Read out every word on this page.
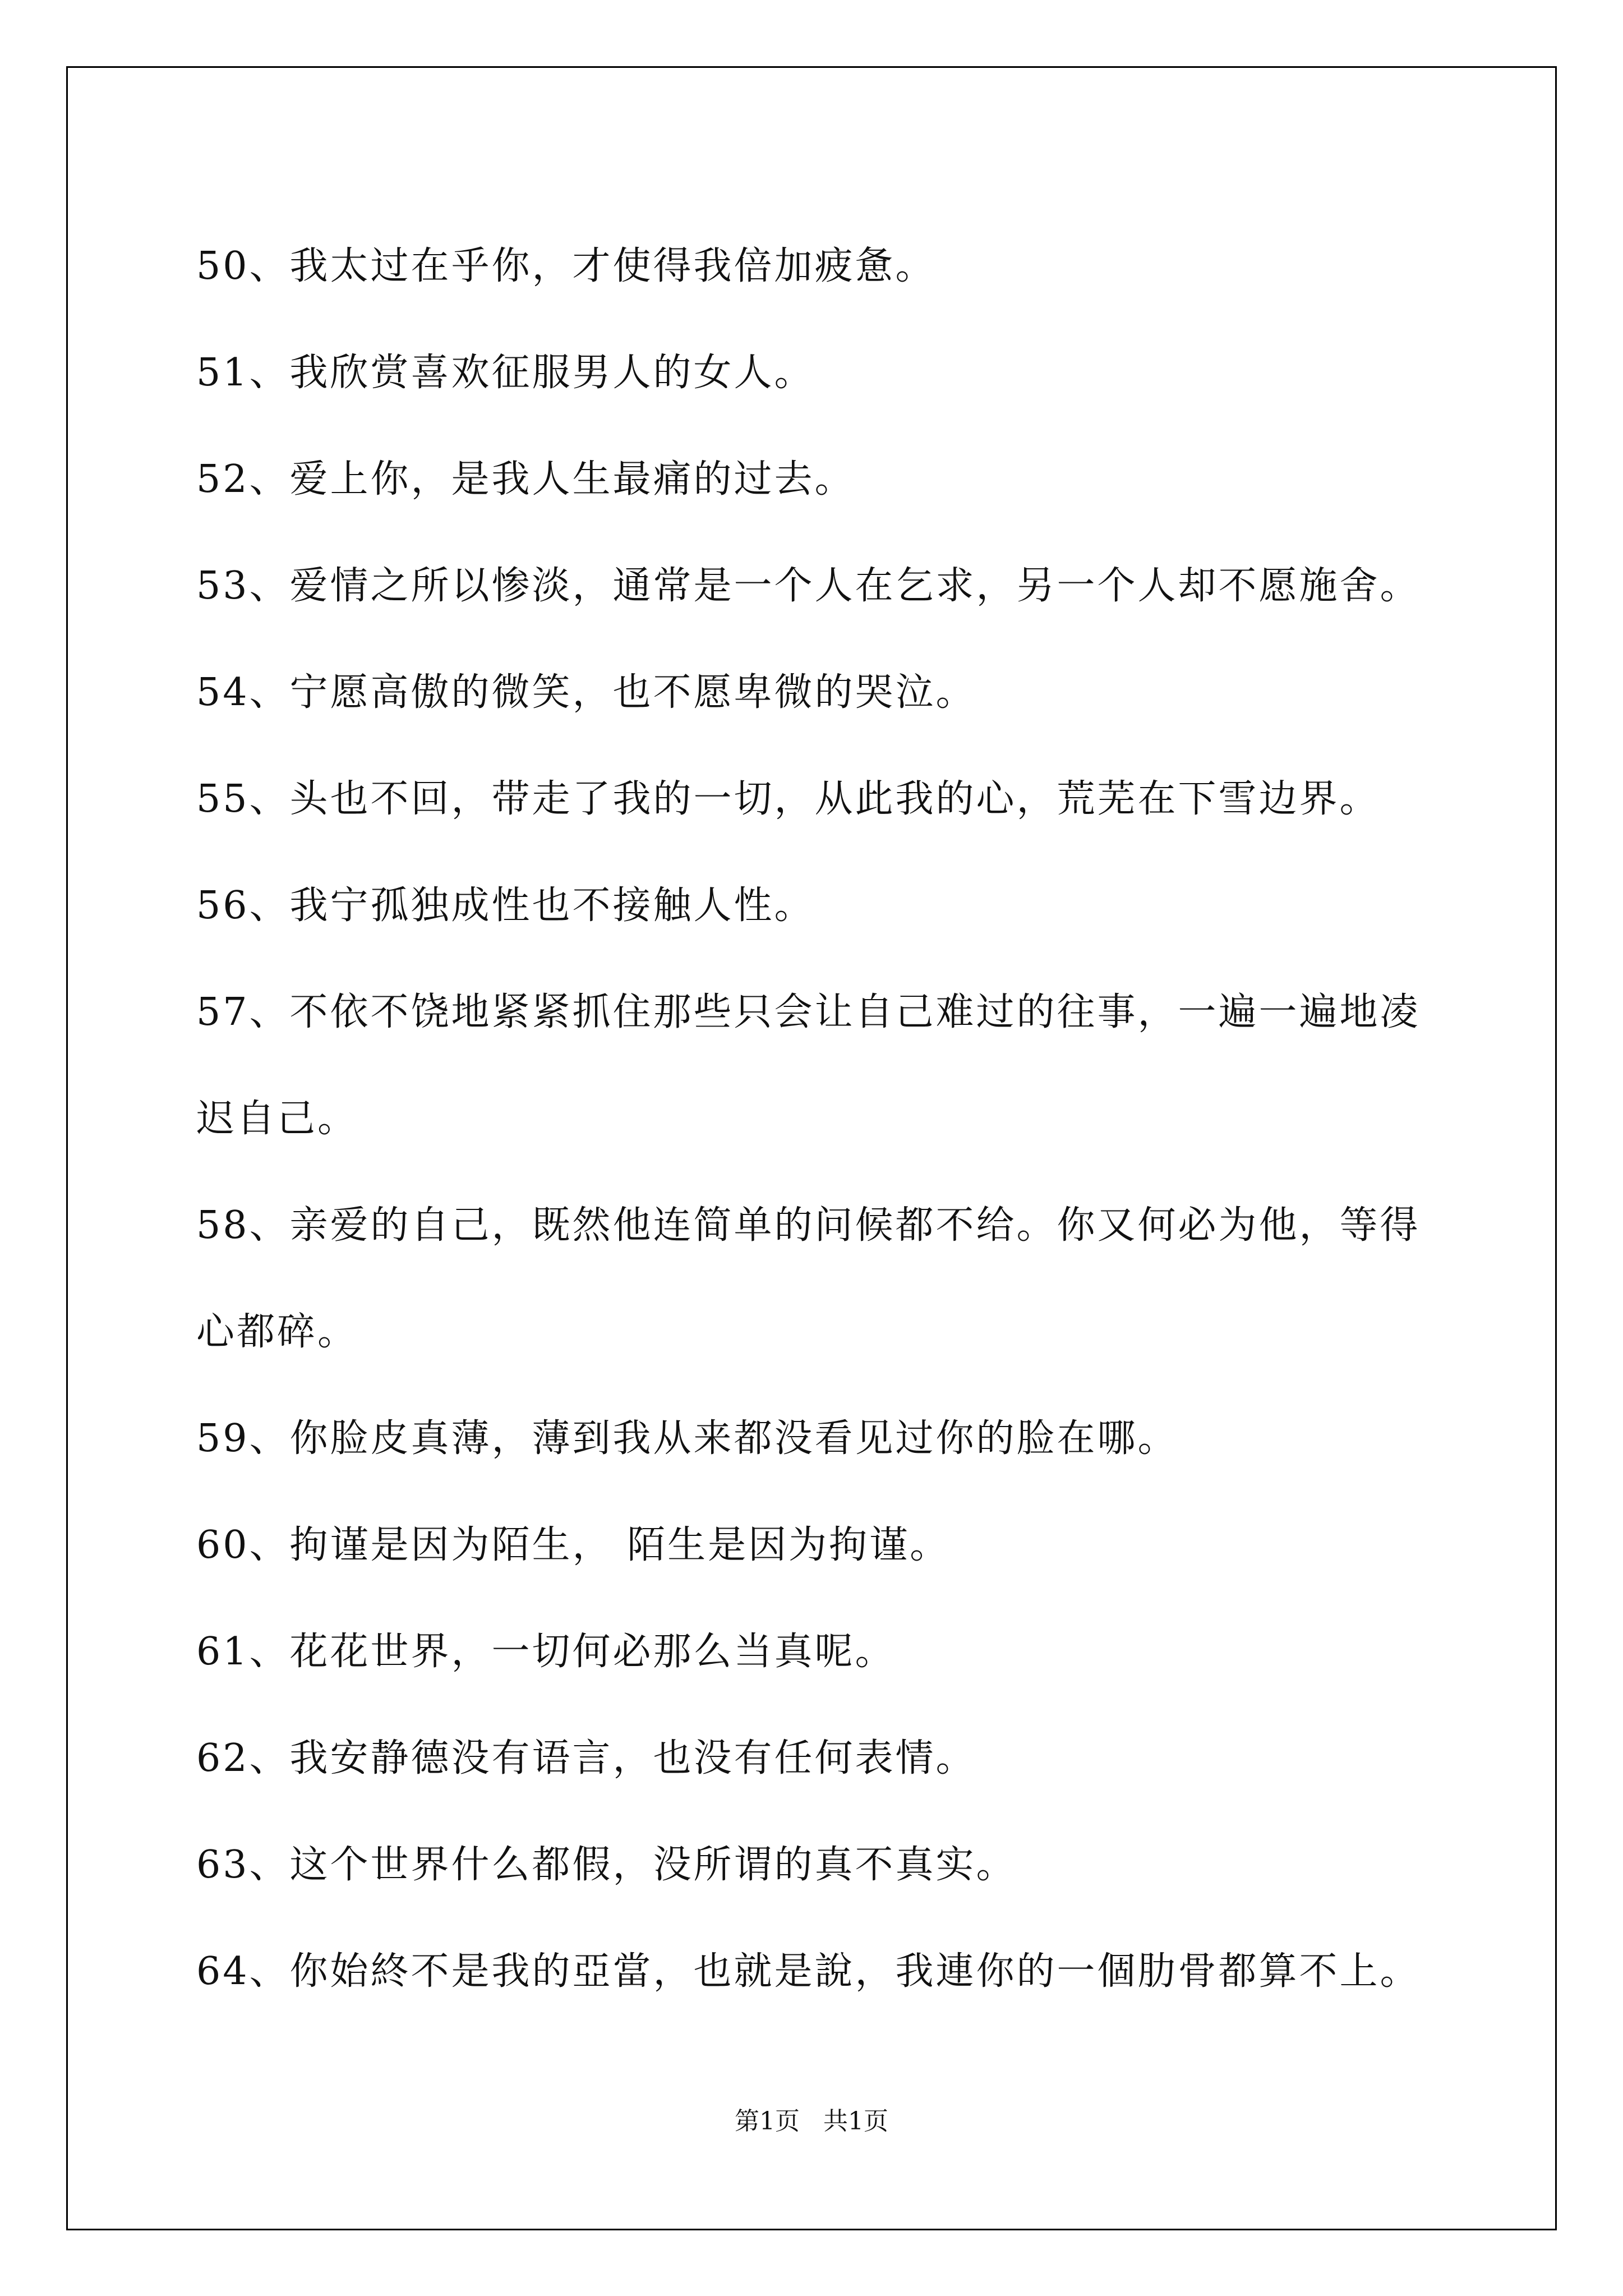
50、我太过在乎你，才使得我倍加疲惫。
51、我欣赏喜欢征服男人的女人。
52、爱上你，是我人生最痛的过去。
53、爱情之所以惨淡，通常是一个人在乞求，另一个人却不愿施舍。
54、宁愿高傲的微笑，也不愿卑微的哭泣。
55、头也不回，带走了我的一切，从此我的心，荒芜在下雪边界。
56、我宁孤独成性也不接触人性。
57、不依不饶地紧紧抓住那些只会让自己难过的往事，一遍一遍地凌
迟自己。
58、亲爱的自己，既然他连简单的问候都不给。你又何必为他，等得
心都碎。
59、你脸皮真薄，薄到我从来都没看见过你的脸在哪。
60、拘谨是因为陌生， 陌生是因为拘谨。
61、花花世界，一切何必那么当真呢。
62、我安静德没有语言，也没有任何表情。
63、这个世界什么都假，没所谓的真不真实。
64、你始終不是我的亞當，也就是說，我連你的一個肋骨都算不上。
第1页   共1页
